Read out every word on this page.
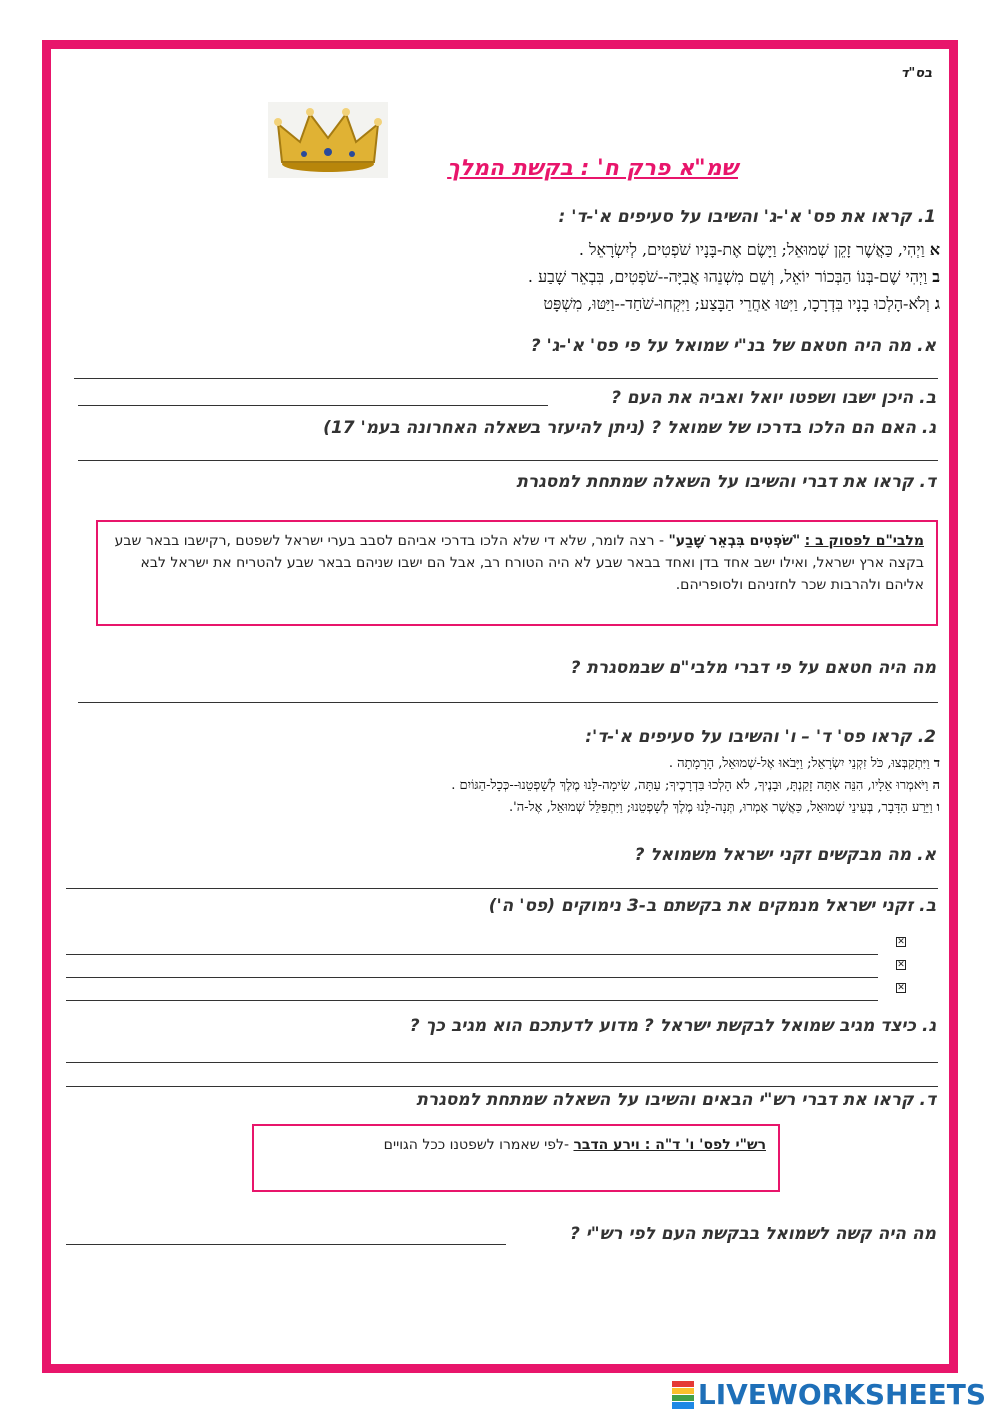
בס"ד
שמ"א פרק ח' : בקשת המלך
1. קראו את פס' א'-ג' והשיבו על סעיפים א'-ד' :
א וַיְהִי, כַּאֲשֶׁר זָקֵן שְׁמוּאֵל; וַיָּשֶׂם אֶת-בָּנָיו שֹׁפְטִים, לְיִשְׂרָאֵל .
ב וַיְהִי שֶׁם-בְּנוֹ הַבְּכוֹר יוֹאֵל, וְשֵׁם מִשְׁנֵהוּ אֲבִיָּה--שֹׁפְטִים, בִּבְאֵר שָׁבַע .
ג וְלֹא-הָלְכוּ בָנָיו בִּדְרָכָו, וַיִּטּוּ אַחֲרֵי הַבָּצַע; וַיִּקְחוּ-שֹׁחַד--וַיַּטּוּ, מִשְׁפָּט
א. מה היה חטאם של בנ"י שמואל על פי פס' א'-ג' ?
ב. היכן ישבו ושפטו יואל ואביה את העם ?
ג. האם הם הלכו בדרכו של שמואל ? (ניתן להיעזר בשאלה האחרונה בעמ' 17)
ד. קראו את דברי והשיבו על השאלה שמתחת למסגרת
מלבי"ם לפסוק ב : "שֹׁפְטִים בִּבְאֵר שָׁבַע" - רצה לומר, שלא די שלא הלכו בדרכי אביהם לסבב בערי ישראל לשפטם ,רקישבו בבאר שבע בקצה ארץ ישראל, ואילו ישב אחד בדן ואחד בבאר שבע לא היה הטורח רב, אבל הם ישבו שניהם בבאר שבע להטריח את ישראל לבא אליהם ולהרבות שכר לחזניהם ולסופריהם.
מה היה חטאם על פי דברי מלבי"ם שבמסגרת ?
2. קראו פס' ד' – ו' והשיבו על סעיפים א'-ד':
ד וַיִּתְקַבְּצוּ, כֹּל זִקְנֵי יִשְׂרָאֵל; וַיָּבֹאוּ אֶל-שְׁמוּאֵל, הָרָמָתָה .
ה וַיֹּאמְרוּ אֵלָיו, הִנֵּה אַתָּה זָקַנְתָּ, וּבָנֶיךָ, לֹא הָלְכוּ בִּדְרָכֶיךָ; עַתָּה, שִׂימָה-לָּנוּ מֶלֶךְ לְשָׁפְטֵנוּ--כְּכָל-הַגּוֹיִם .
ו וַיֵּרַע הַדָּבָר, בְּעֵינֵי שְׁמוּאֵל, כַּאֲשֶׁר אָמְרוּ, תְּנָה-לָּנוּ מֶלֶךְ לְשָׁפְטֵנוּ; וַיִּתְפַּלֵּל שְׁמוּאֵל, אֶל-ה'.
א. מה מבקשים זקני ישראל משמואל ?
ב. זקני ישראל מנמקים את בקשתם ב-3 נימוקים (פס' ה')
✕
✕
✕
ג. כיצד מגיב שמואל לבקשת ישראל ? מדוע לדעתכם הוא מגיב כך ?
ד. קראו את דברי רש"י הבאים והשיבו על השאלה שמתחת למסגרת
רש"י לפס' ו' ד"ה : וירע הדבר -לפי שאמרו לשפטנו ככל הגויים
מה היה קשה לשמואל בבקשת העם לפי רש"י ?
LIVEWORKSHEETS
